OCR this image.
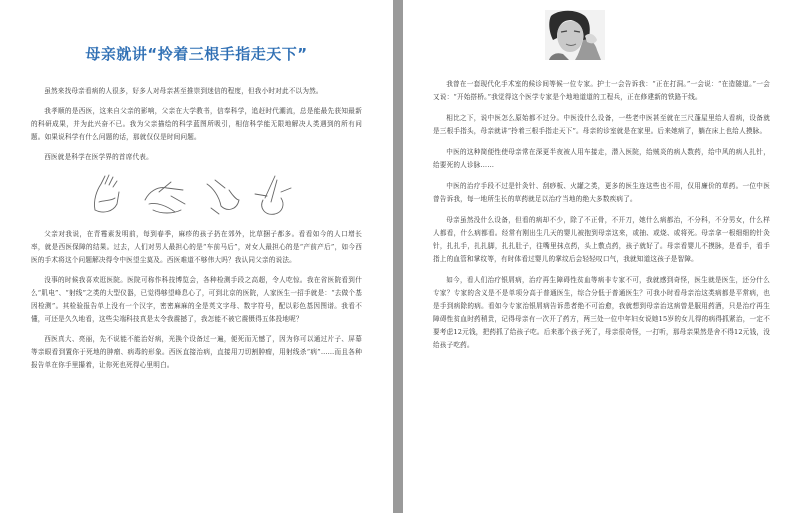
母亲就讲“拎着三根手指走天下”

虽然来找母亲看病的人很多，好多人对母亲甚至推崇到迷信的程度，但我小时对此不以为然。

我孝顺的是西医，这来自父亲的影响，父亲在大学教书，信奉科学，追赶时代潮流，总是能最先获知最新的科研成果，并为此兴奋不已。我为父亲描绘的科学蓝图所吸引，相信科学能无限地解决人类遇到的所有问题。如果说科学有什么问题的话，那就仅仅是时间问题。

西医就是科学在医学界的首席代表。

父亲对我说，在青霉素发明前，每到春季，麻疹的孩子扔在郊外，比草捆子都多。看看如今的人口增长率，就是西医保障的结果。过去，人们对男人最担心的是“车前马后”，对女人最担心的是“产前产后”，如今西医的手术将这个问题解决得令中医望尘莫及。西医难道不够伟大吗？我认同父亲的说法。

没事的时候我喜欢逛医院。医院可称作科技博览会，各种检测手段之高超，令人吃惊。我在省医院看到什么“肌电”、“射线”之类的大型仪器，已觉得够望峰息心了，可到北京的医院，人家医生一招手就是：“去做个基因检测”。其检验报告单上没有一个汉字，密密麻麻的全是英文字母、数字符号，配以彩色基因图谱。我看不懂，可还是久久地看，这些尖端科技真是太令我震撼了，我怎能不被它震慑得五体投地呢？

西医真大、亮丽，先不说能不能治好病，光换个设备过一遍，便死而无憾了，因为你可以通过片子、屏幕等亲眼看到置你于死地的肿瘤、病毒的形象。西医直接治病，直接用刀切割肿瘤，用射线杀“病”……而且各种报告单在你手里攥着，让你死也死得心里明白。

我曾在一套现代化手术室的候诊间等候一位专家。护士一会告诉我：“正在打洞。”一会说：“在造隧道。”一会又说：“开始搭桥。”我觉得这个医学专家是个地地道道的工程兵，正在修建新的铁路干线。

相比之下，说中医怎么原始都不过分。中医没什么设备，一些老中医甚至就在三尺蓬屋里给人看病，设备就是三根手指头，母亲就讲“拎着三根手指走天下”。母亲的诊室就是在家里。后来她病了，躺在床上也给人摸脉。

中医的这种简便性使母亲常在深更半夜被人用车接走，潜入医院，给贼炎的病人数药，给中风的病人扎针，给要死的人诊脉……

中医的治疗手段不过是针灸针、刮痧板、火罐之类，更多的医生连这些也不用，仅用廉价的草药。一位中医曾告诉我，每一地所生长的草药就足以治疗当地的绝大多数疾病了。

母亲虽然没什么设备，但看的病却不少，除了不正骨，不开刀，她什么病都治，不分科，不分男女，什么样人都看，什么病都看。经常有刚出生几天的婴儿被抱到母亲这来，或抽、或烧、或将死。母亲拿一根细细的针灸针，扎扎手，扎扎脚，扎扎肚子，往嘴里抹点药，头上敷点药，孩子就好了。母亲看婴儿不摸脉，是看手，看手指上的血管和掌纹等，有时体看过婴儿的掌纹后会轻轻叹口气，我就知道这孩子是智障。

如今，看人们治疗银屑病，治疗再生障碍性贫血等病非专家不可，我就感到奇怪，医生就是医生，还分什么专家？专家的含义是不是单项分高于普通医生，综合分低于普通医生？可我小时看母亲治这类病都是平常病，也是手到病除的病。看如今专家治银屑病告诉患者绝不可治愈，我就想到母亲治这病曾是服用药酒，只是治疗再生障碍性贫血时药稍贵，记得母亲有一次开了药方，两三处一位中年妇女说她15岁的女儿得的病得抓紧治，一定不要考虑12元钱，把药抓了给孩子吃。后来那个孩子死了，母亲很奇怪，一打听，那母亲果然是舍不得12元钱，没给孩子吃药。
